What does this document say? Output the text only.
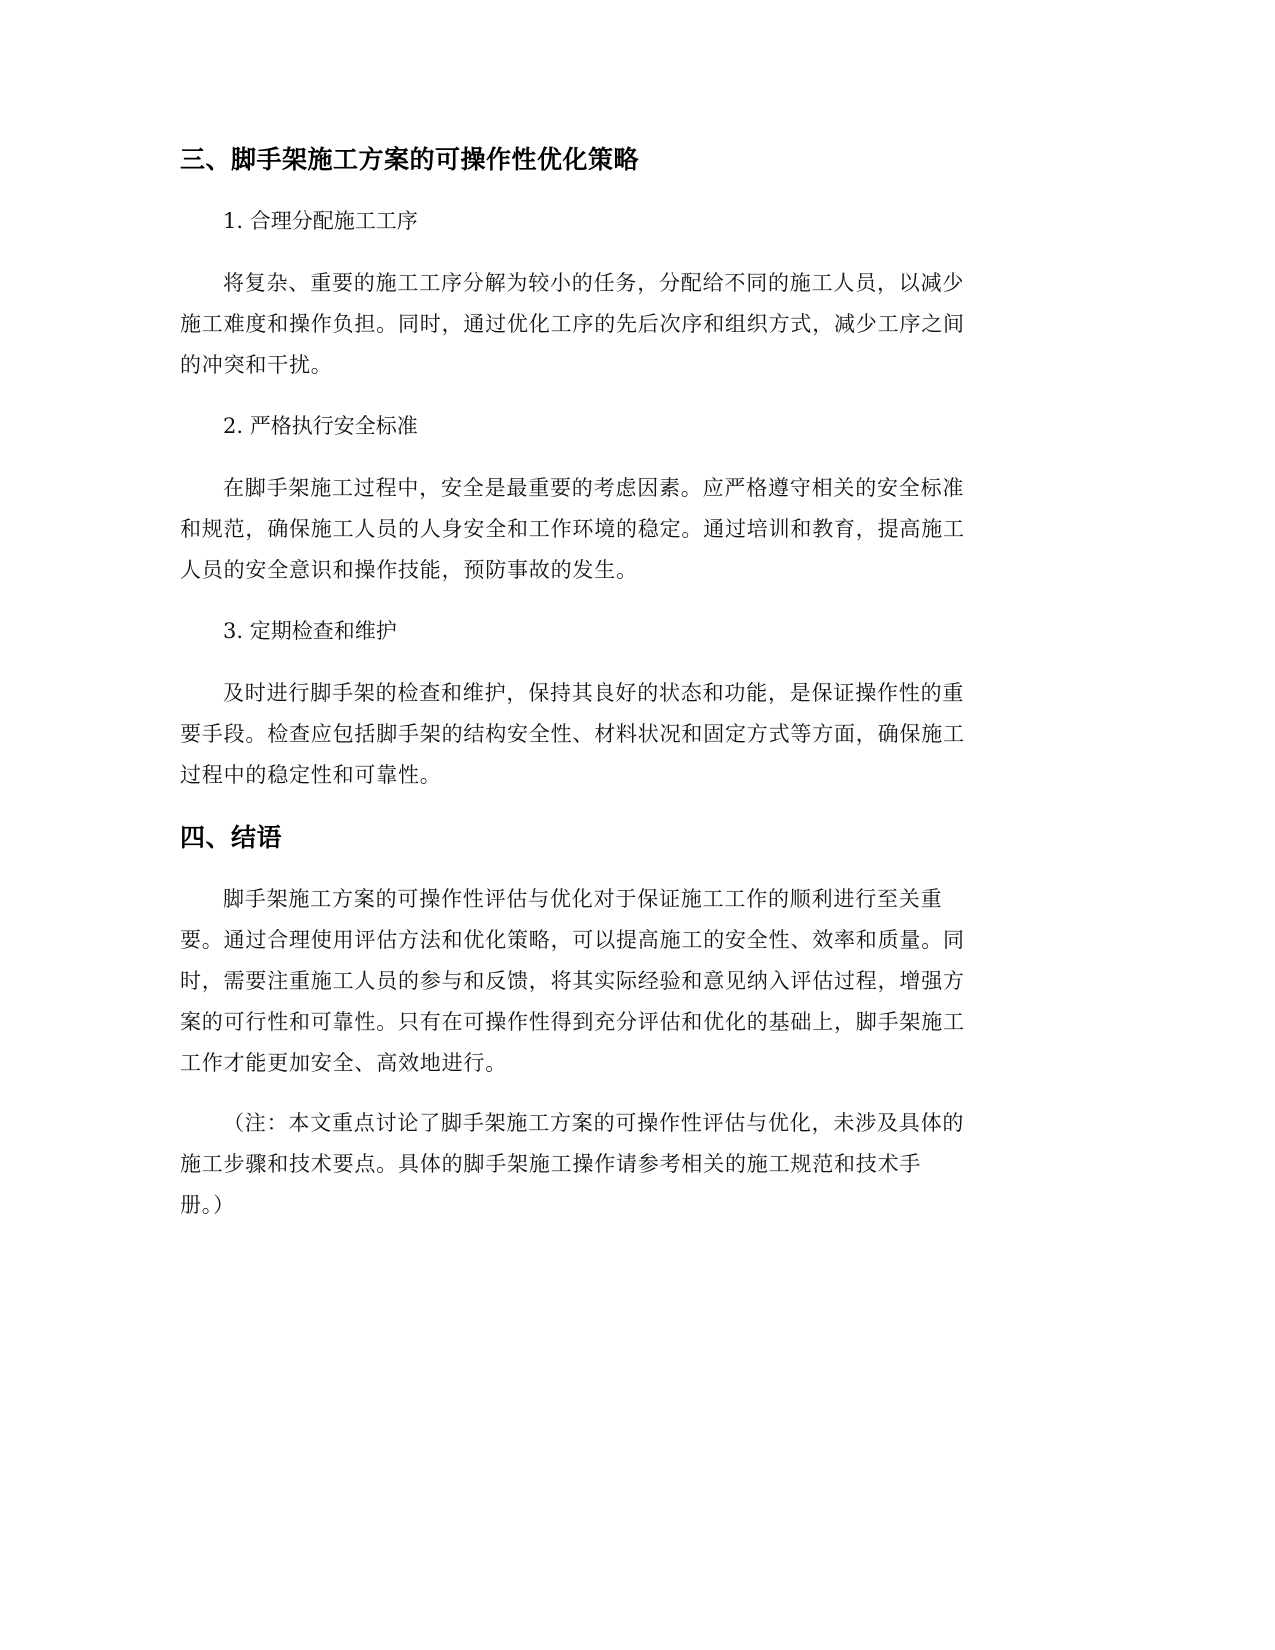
三、脚手架施工方案的可操作性优化策略

1. 合理分配施工工序

将复杂、重要的施工工序分解为较小的任务，分配给不同的施工人员，以减少
施工难度和操作负担。同时，通过优化工序的先后次序和组织方式，减少工序之间
的冲突和干扰。

2. 严格执行安全标准

在脚手架施工过程中，安全是最重要的考虑因素。应严格遵守相关的安全标准
和规范，确保施工人员的人身安全和工作环境的稳定。通过培训和教育，提高施工
人员的安全意识和操作技能，预防事故的发生。

3. 定期检查和维护

及时进行脚手架的检查和维护，保持其良好的状态和功能，是保证操作性的重
要手段。检查应包括脚手架的结构安全性、材料状况和固定方式等方面，确保施工
过程中的稳定性和可靠性。
四、结语
脚手架施工方案的可操作性评估与优化对于保证施工工作的顺利进行至关重
要。通过合理使用评估方法和优化策略，可以提高施工的安全性、效率和质量。同
时，需要注重施工人员的参与和反馈，将其实际经验和意见纳入评估过程，增强方
案的可行性和可靠性。只有在可操作性得到充分评估和优化的基础上，脚手架施工
工作才能更加安全、高效地进行。
（注：本文重点讨论了脚手架施工方案的可操作性评估与优化，未涉及具体的
施工步骤和技术要点。具体的脚手架施工操作请参考相关的施工规范和技术手
册。）
